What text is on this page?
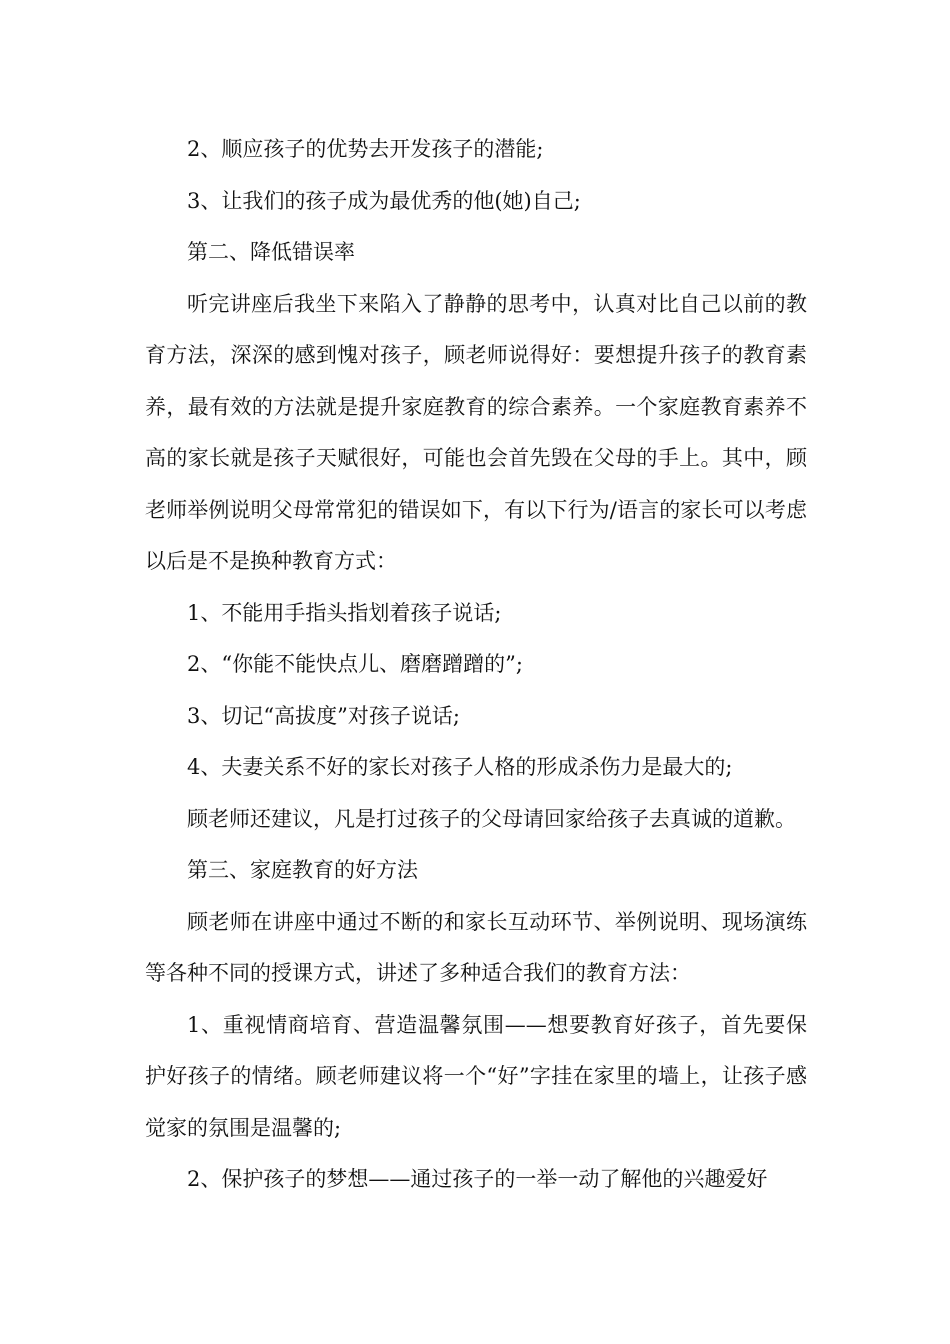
2、顺应孩子的优势去开发孩子的潜能;

3、让我们的孩子成为最优秀的他(她)自己;

第二、降低错误率

听完讲座后我坐下来陷入了静静的思考中，认真对比自己以前的教育方法，深深的感到愧对孩子，顾老师说得好：要想提升孩子的教育素养，最有效的方法就是提升家庭教育的综合素养。一个家庭教育素养不高的家长就是孩子天赋很好，可能也会首先毁在父母的手上。其中，顾老师举例说明父母常常犯的错误如下，有以下行为/语言的家长可以考虑以后是不是换种教育方式：

1、不能用手指头指划着孩子说话;

2、“你能不能快点儿、磨磨蹭蹭的”;

3、切记“高拔度”对孩子说话;

4、夫妻关系不好的家长对孩子人格的形成杀伤力是最大的;

顾老师还建议，凡是打过孩子的父母请回家给孩子去真诚的道歉。

第三、家庭教育的好方法

顾老师在讲座中通过不断的和家长互动环节、举例说明、现场演练等各种不同的授课方式，讲述了多种适合我们的教育方法：

1、重视情商培育、营造温馨氛围——想要教育好孩子，首先要保护好孩子的情绪。顾老师建议将一个“好”字挂在家里的墙上，让孩子感觉家的氛围是温馨的;

2、保护孩子的梦想——通过孩子的一举一动了解他的兴趣爱好
